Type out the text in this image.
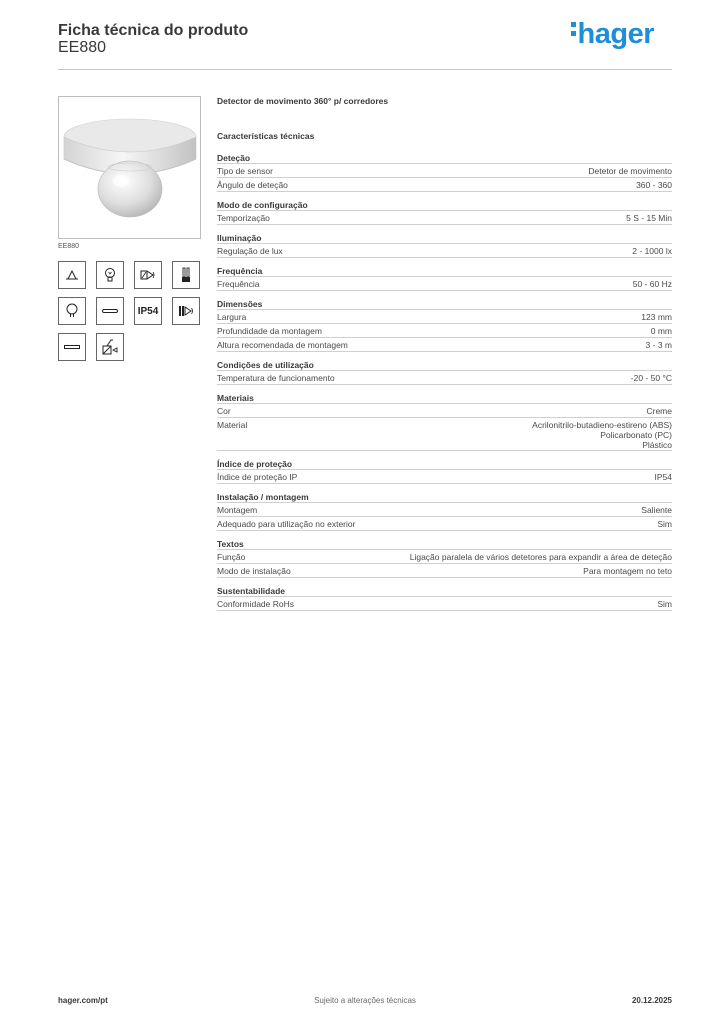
Ficha técnica do produto
EE880	hager
EE880
IP54
Detector de movimento 360° p/ corredores
Características técnicas
Deteção
Tipo de sensor	Detetor de movimento
Ângulo de deteção	360 - 360
Modo de configuração
Temporização	5 S - 15 Min
Iluminação
Regulação de lux	2 - 1000 lx
Frequência
Frequência	50 - 60 Hz
Dimensões
Largura	123 mm
Profundidade da montagem	0 mm
Altura recomendada de montagem	3 - 3 m
Condições de utilização
Temperatura de funcionamento	-20 - 50 °C
Materiais
Cor	Creme
Material	Acrilonitrilo-butadieno-estireno (ABS)
Policarbonato (PC)
Plástico
Índice de proteção
Índice de proteção IP	IP54
Instalação / montagem
Montagem	Saliente
Adequado para utilização no exterior	Sim
Textos
Função	Ligação paralela de vários detetores para expandir a área de deteção
Modo de instalação	Para montagem no teto
Sustentabilidade
Conformidade RoHs	Sim
Sujeito a alterações técnicas
hager.com/pt	20.12.2025
